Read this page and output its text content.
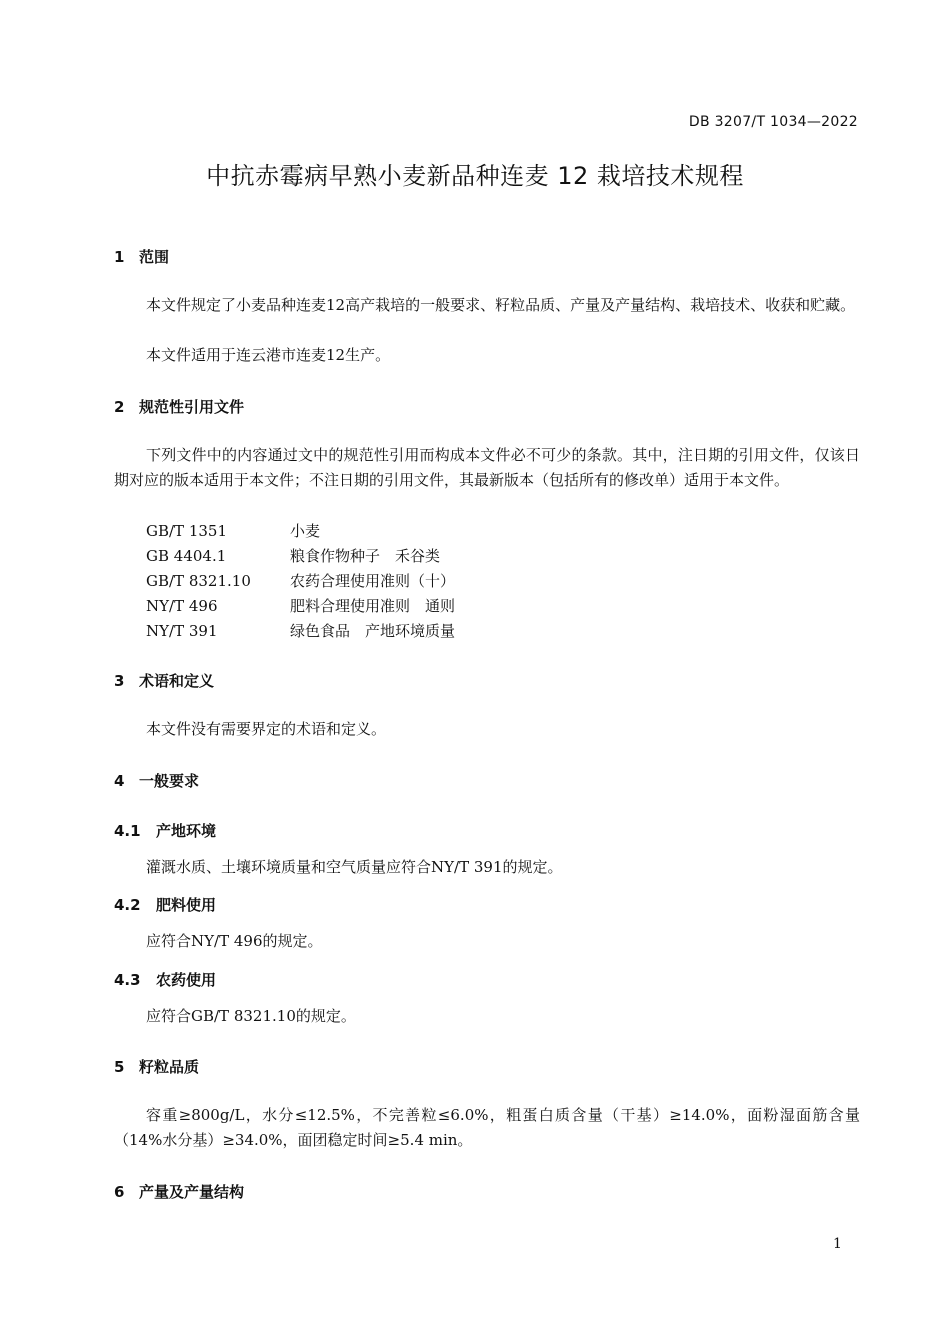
DB 3207/T 1034—2022
中抗赤霉病早熟小麦新品种连麦 12 栽培技术规程
1 范围
本文件规定了小麦品种连麦12高产栽培的一般要求、籽粒品质、产量及产量结构、栽培技术、收获和贮藏。
本文件适用于连云港市连麦12生产。
2 规范性引用文件
下列文件中的内容通过文中的规范性引用而构成本文件必不可少的条款。其中，注日期的引用文件，仅该日期对应的版本适用于本文件；不注日期的引用文件，其最新版本（包括所有的修改单）适用于本文件。
GB/T 1351	小麦
GB 4404.1	粮食作物种子　禾谷类
GB/T 8321.10	农药合理使用准则（十）
NY/T 496	肥料合理使用准则　通则
NY/T 391	绿色食品　产地环境质量
3 术语和定义
本文件没有需要界定的术语和定义。
4 一般要求
4.1 产地环境
灌溉水质、土壤环境质量和空气质量应符合NY/T 391的规定。
4.2 肥料使用
应符合NY/T 496的规定。
4.3 农药使用
应符合GB/T 8321.10的规定。
5 籽粒品质
容重≥800g/L，水分≤12.5%，不完善粒≤6.0%，粗蛋白质含量（干基）≥14.0%，面粉湿面筋含量（14%水分基）≥34.0%，面团稳定时间≥5.4 min。
6 产量及产量结构
1
